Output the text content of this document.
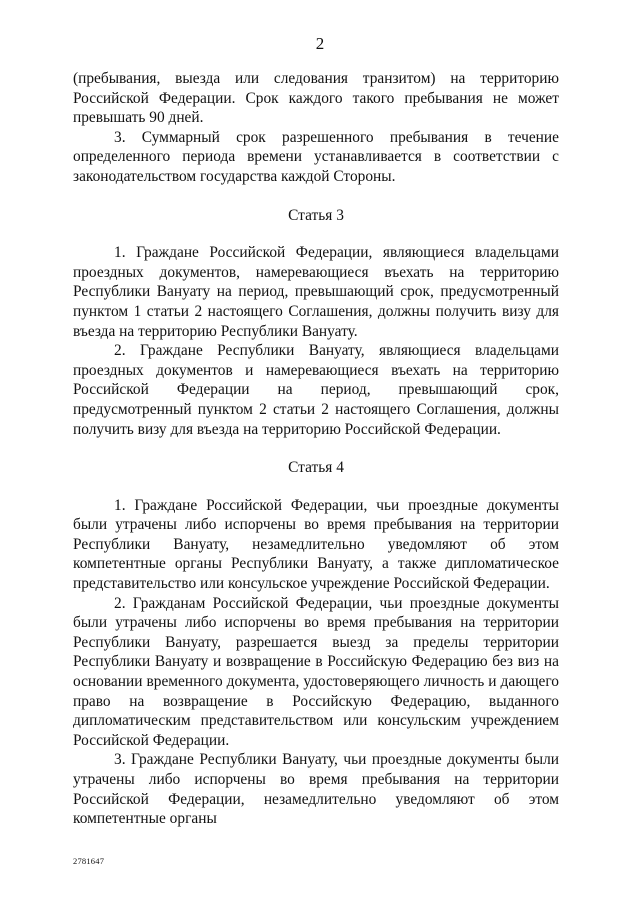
2

(пребывания, выезда или следования транзитом) на территорию Российской Федерации. Срок каждого такого пребывания не может превышать 90 дней.

3. Суммарный срок разрешенного пребывания в течение определенного периода времени устанавливается в соответствии с законодательством государства каждой Стороны.

Статья 3

1. Граждане Российской Федерации, являющиеся владельцами проездных документов, намеревающиеся въехать на территорию Республики Вануату на период, превышающий срок, предусмотренный пунктом 1 статьи 2 настоящего Соглашения, должны получить визу для въезда на территорию Республики Вануату.

2. Граждане Республики Вануату, являющиеся владельцами проездных документов и намеревающиеся въехать на территорию Российской Федерации на период, превышающий срок, предусмотренный пунктом 2 статьи 2 настоящего Соглашения, должны получить визу для въезда на территорию Российской Федерации.

Статья 4

1. Граждане Российской Федерации, чьи проездные документы были утрачены либо испорчены во время пребывания на территории Республики Вануату, незамедлительно уведомляют об этом компетентные органы Республики Вануату, а также дипломатическое представительство или консульское учреждение Российской Федерации.

2. Гражданам Российской Федерации, чьи проездные документы были утрачены либо испорчены во время пребывания на территории Республики Вануату, разрешается выезд за пределы территории Республики Вануату и возвращение в Российскую Федерацию без виз на основании временного документа, удостоверяющего личность и дающего право на возвращение в Российскую Федерацию, выданного дипломатическим представительством или консульским учреждением Российской Федерации.

3. Граждане Республики Вануату, чьи проездные документы были утрачены либо испорчены во время пребывания на территории Российской Федерации, незамедлительно уведомляют об этом компетентные органы

2781647
